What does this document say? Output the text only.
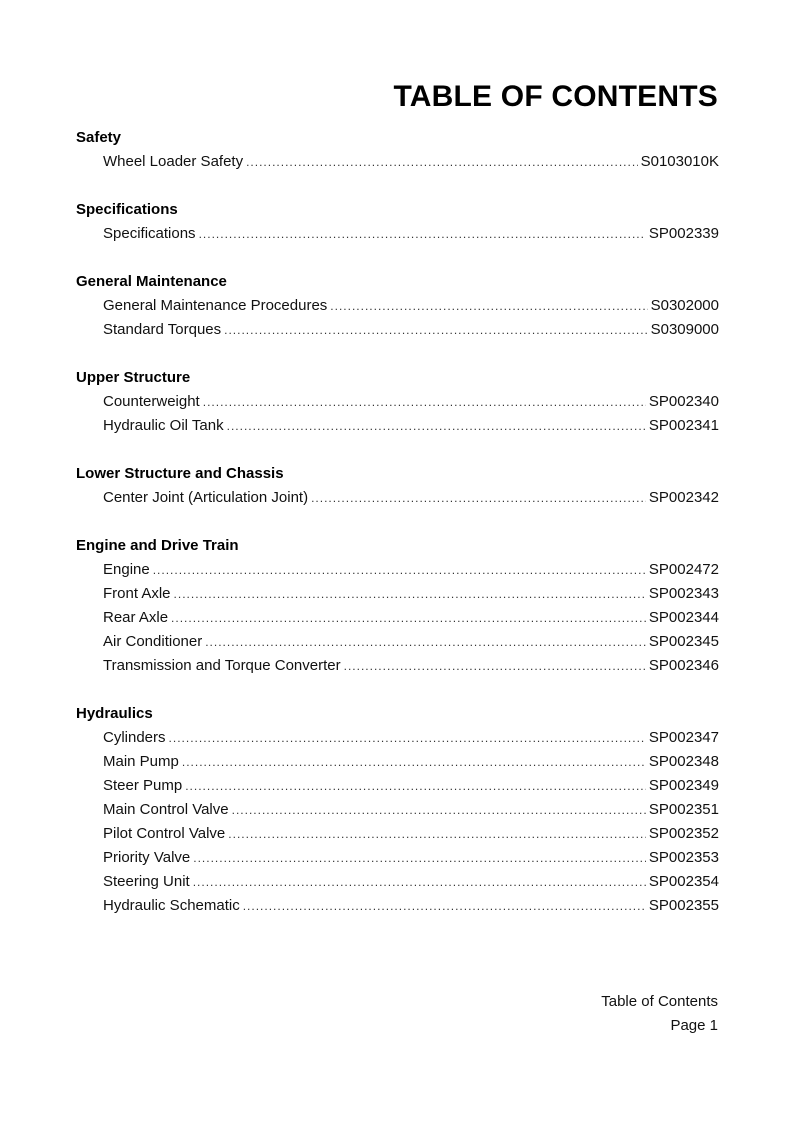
TABLE OF CONTENTS
Safety
Wheel Loader Safety .....	S0103010K
Specifications
Specifications .....	SP002339
General Maintenance
General Maintenance Procedures .....	S0302000
Standard Torques .....	S0309000
Upper Structure
Counterweight .....	SP002340
Hydraulic Oil Tank .....	SP002341
Lower Structure and Chassis
Center Joint (Articulation Joint) .....	SP002342
Engine and Drive Train
Engine .....	SP002472
Front Axle .....	SP002343
Rear Axle .....	SP002344
Air Conditioner .....	SP002345
Transmission and Torque Converter .....	SP002346
Hydraulics
Cylinders .....	SP002347
Main Pump .....	SP002348
Steer Pump .....	SP002349
Main Control Valve .....	SP002351
Pilot Control Valve .....	SP002352
Priority Valve .....	SP002353
Steering Unit .....	SP002354
Hydraulic Schematic .....	SP002355
Table of Contents
Page 1
